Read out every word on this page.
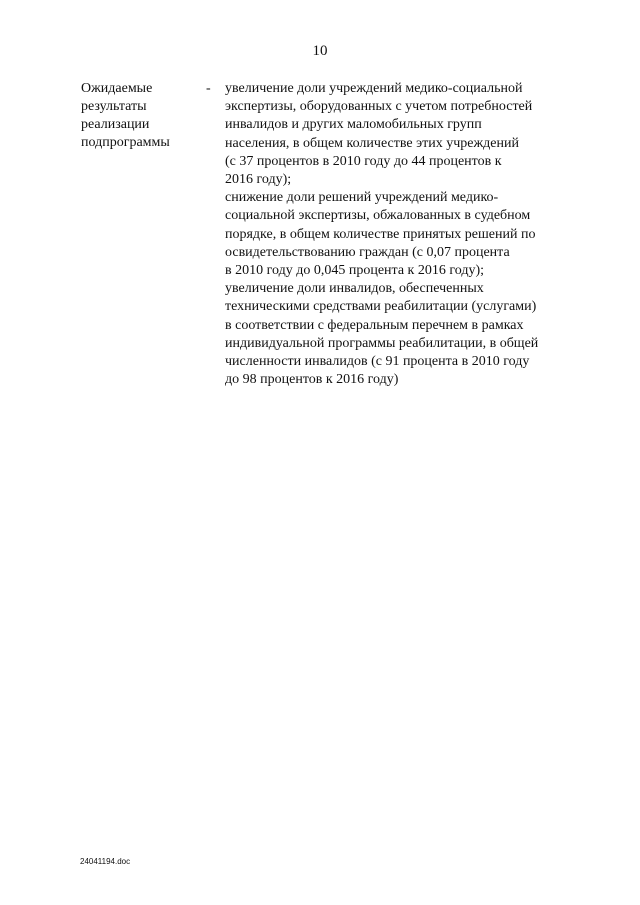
10
Ожидаемые
результаты
реализации
подпрограммы
-	увеличение доли учреждений медико-социальной
экспертизы, оборудованных с учетом потребностей
инвалидов и других маломобильных групп
населения, в общем количестве этих учреждений
(с 37 процентов в 2010 году до 44 процентов к
2016 году);
снижение доли решений учреждений медико-
социальной экспертизы, обжалованных в судебном
порядке, в общем количестве принятых решений по
освидетельствованию граждан (с 0,07 процента
в 2010 году до 0,045 процента к 2016 году);
увеличение доли инвалидов, обеспеченных
техническими средствами реабилитации (услугами)
в соответствии с федеральным перечнем в рамках
индивидуальной программы реабилитации, в общей
численности инвалидов (с 91 процента в 2010 году
до 98 процентов к 2016 году)
24041194.doc
